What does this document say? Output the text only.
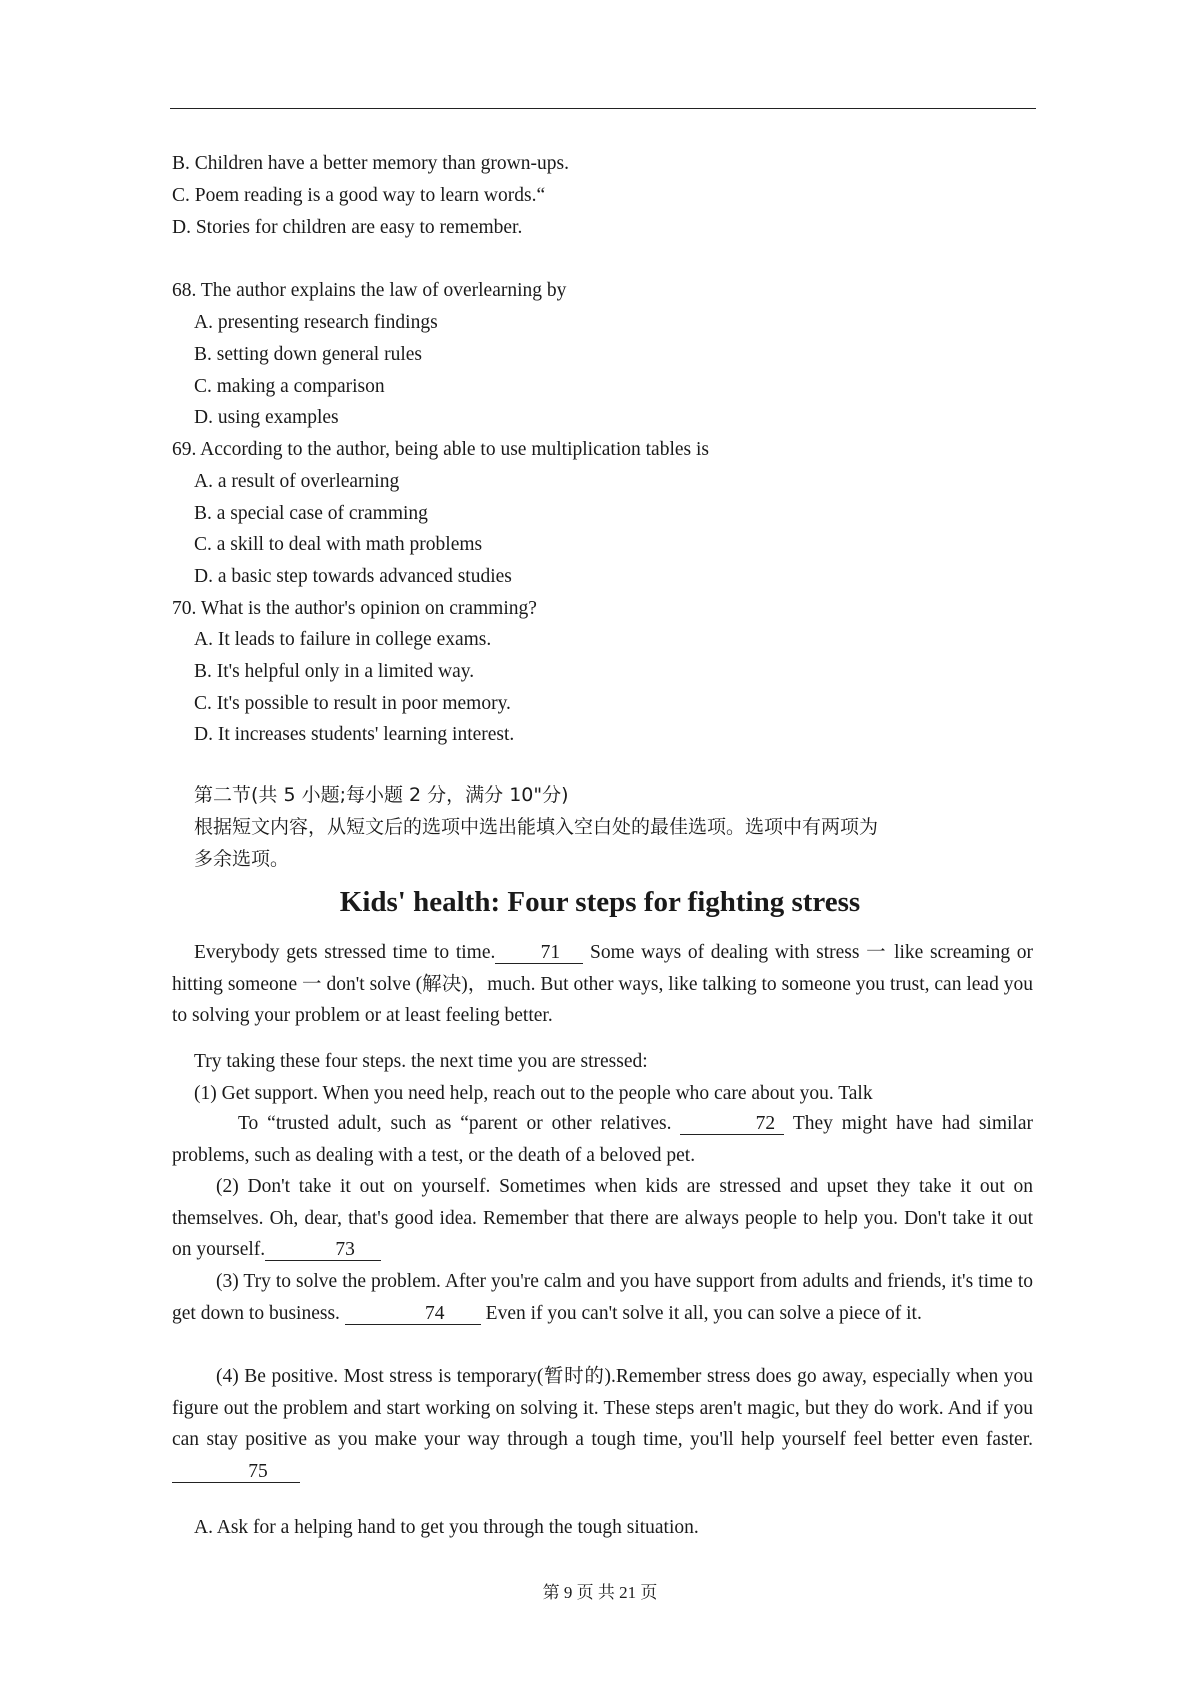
B. Children have a better memory than grown-ups.
C. Poem reading is a good way to learn words.“
D. Stories for children are easy to remember.
68. The author explains the law of overlearning by
A. presenting research findings
B. setting down general rules
C. making a comparison
D. using examples
69. According to the author, being able to use multiplication tables is
A. a result of overlearning
B. a special case of cramming
C. a skill to deal with math problems
D. a basic step towards advanced studies
70. What is the author's opinion on cramming?
A. It leads to failure in college exams.
B. It's helpful only in a limited way.
C. It's possible to result in poor memory.
D. It increases students' learning interest.
第二节(共 5 小题;每小题 2 分，满分 10"分)
根据短文内容，从短文后的选项中选出能填入空白处的最佳选项。选项中有两项为
多余选项。
Kids' health: Four steps for fighting stress
Everybody gets stressed time to time. 71 Some ways of dealing with stress 一 like screaming or hitting someone 一 don't solve (解决)，much. But other ways, like talking to someone you trust, can lead you to solving your problem or at least feeling better.
Try taking these four steps. the next time you are stressed:
(1) Get support. When you need help, reach out to the people who care about you. Talk
To “trusted adult, such as “parent or other relatives.	72 They might have had similar problems, such as dealing with a test, or the death of a beloved pet.
(2) Don't take it out on yourself. Sometimes when kids are stressed and upset they take it out on themselves. Oh, dear, that's good idea. Remember that there are always people to help you. Don't take it out on yourself.	73
(3) Try to solve the problem. After you're calm and you have support from adults and friends, it's time to get down to business.	74 Even if you can't solve it all, you can solve a piece of it.
(4) Be positive. Most stress is temporary(暂时的).Remember stress does go away, especially when you figure out the problem and start working on solving it. These steps aren't magic, but they do work. And if you can stay positive as you make your way through a tough time, you'll help yourself feel better even faster. 75
A. Ask for a helping hand to get you through the tough situation.
第 9 页 共 21 页
